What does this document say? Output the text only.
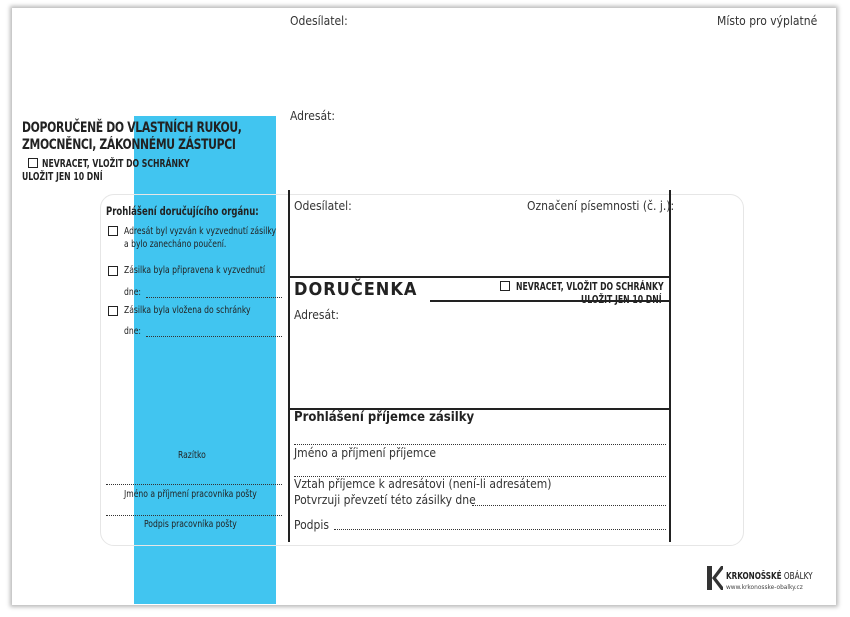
Odesílatel:	Místo pro výplatné
Adresát:
DOPORUČENĚ DO VLASTNÍCH RUKOU,
ZMOCNĚNCI, ZÁKONNÉMU ZÁSTUPCI
NEVRACET, VLOŽIT DO SCHRÁNKY
ULOŽIT JEN 10 DNÍ
Prohlášení doručujícího orgánu:
Adresát byl vyzván k vyzvednutí zásilky
a bylo zanecháno poučení.
Zásilka byla připravena k vyzvednutí
dne:
Zásilka byla vložena do schránky
dne:
Razítko
Jméno a příjmení pracovníka pošty
Podpis pracovníka pošty
Odesílatel:	Označení písemnosti (č. j.):
DORUČENKA	NEVRACET, VLOŽIT DO SCHRÁNKY
ULOŽIT JEN 10 DNÍ
Adresát:
Prohlášení příjemce zásilky
Jméno a příjmení příjemce
Vztah příjemce k adresátovi (není-li adresátem)
Potvrzuji převzetí této zásilky dne
Podpis
KRKONOŠSKÉ OBÁLKY
www.krkonosske-obalky.cz
